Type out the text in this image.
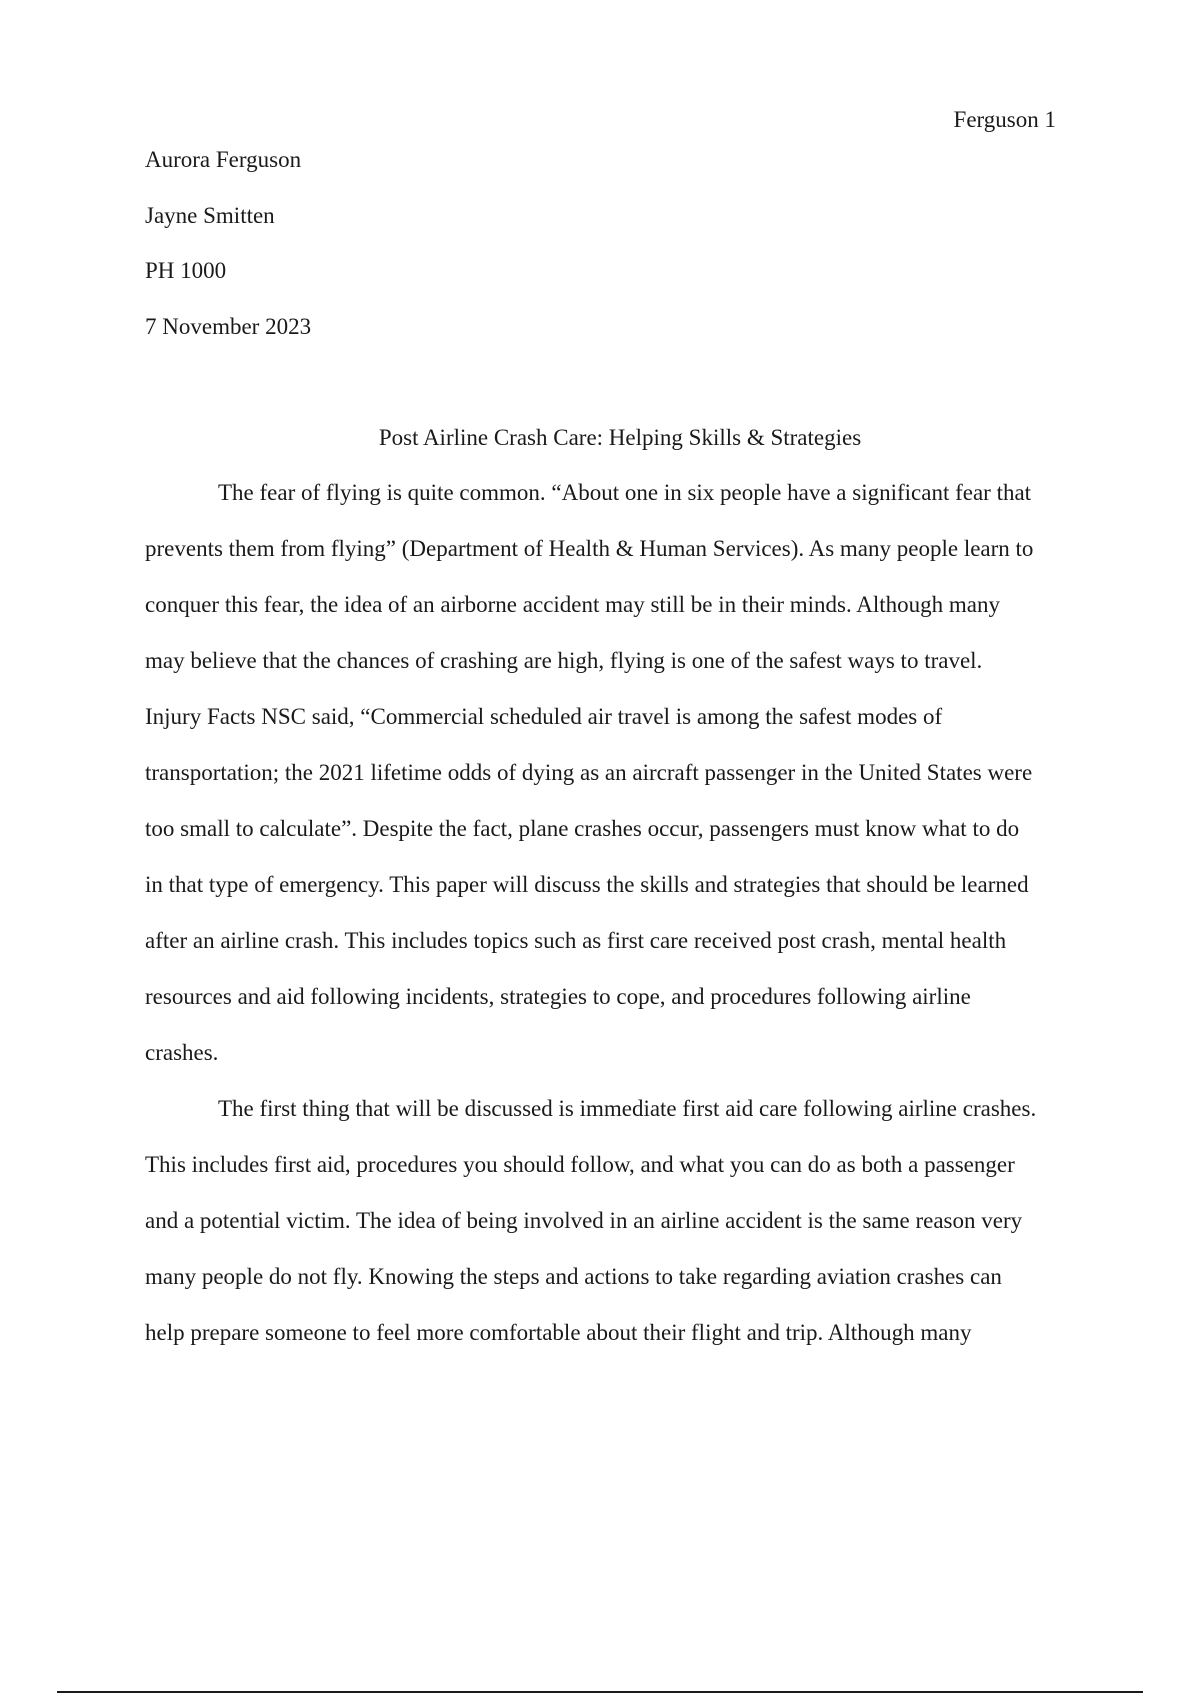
Ferguson 1
Aurora Ferguson
Jayne Smitten
PH 1000
7 November 2023
Post Airline Crash Care: Helping Skills & Strategies
The fear of flying is quite common. “About one in six people have a significant fear that
prevents them from flying” (Department of Health & Human Services). As many people learn to
conquer this fear, the idea of an airborne accident may still be in their minds. Although many
may believe that the chances of crashing are high, flying is one of the safest ways to travel.
Injury Facts NSC said, “Commercial scheduled air travel is among the safest modes of
transportation; the 2021 lifetime odds of dying as an aircraft passenger in the United States were
too small to calculate”. Despite the fact, plane crashes occur, passengers must know what to do
in that type of emergency. This paper will discuss the skills and strategies that should be learned
after an airline crash. This includes topics such as first care received post crash, mental health
resources and aid following incidents, strategies to cope, and procedures following airline
crashes.
The first thing that will be discussed is immediate first aid care following airline crashes.
This includes first aid, procedures you should follow, and what you can do as both a passenger
and a potential victim. The idea of being involved in an airline accident is the same reason very
many people do not fly. Knowing the steps and actions to take regarding aviation crashes can
help prepare someone to feel more comfortable about their flight and trip. Although many
